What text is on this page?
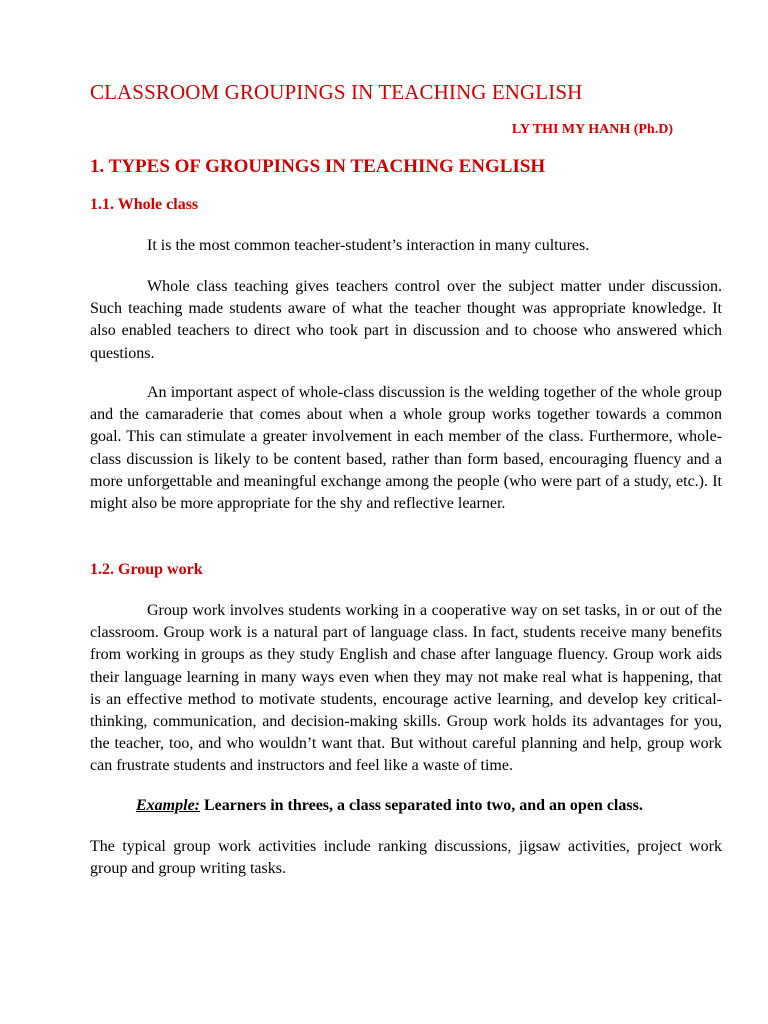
CLASSROOM GROUPINGS IN TEACHING ENGLISH
LY THI MY HANH (Ph.D)
1. TYPES OF GROUPINGS IN TEACHING ENGLISH
1.1. Whole class

It is the most common teacher-student’s interaction in many cultures.

Whole class teaching gives teachers control over the subject matter under discussion. Such teaching made students aware of what the teacher thought was appropriate knowledge. It also enabled teachers to direct who took part in discussion and to choose who answered which questions.

An important aspect of whole-class discussion is the welding together of the whole group and the camaraderie that comes about when a whole group works together towards a common goal. This can stimulate a greater involvement in each member of the class. Furthermore, whole-class discussion is likely to be content based, rather than form based, encouraging fluency and a more unforgettable and meaningful exchange among the people (who were part of a study, etc.). It might also be more appropriate for the shy and reflective learner.

1.2. Group work

Group work involves students working in a cooperative way on set tasks, in or out of the classroom. Group work is a natural part of language class. In fact, students receive many benefits from working in groups as they study English and chase after language fluency. Group work aids their language learning in many ways even when they may not make real what is happening, that is an effective method to motivate students, encourage active learning, and develop key critical-thinking, communication, and decision-making skills. Group work holds its advantages for you, the teacher, too, and who wouldn’t want that. But without careful planning and help, group work can frustrate students and instructors and feel like a waste of time.

Example: Learners in threes, a class separated into two, and an open class.

The typical group work activities include ranking discussions, jigsaw activities, project work group and group writing tasks.
